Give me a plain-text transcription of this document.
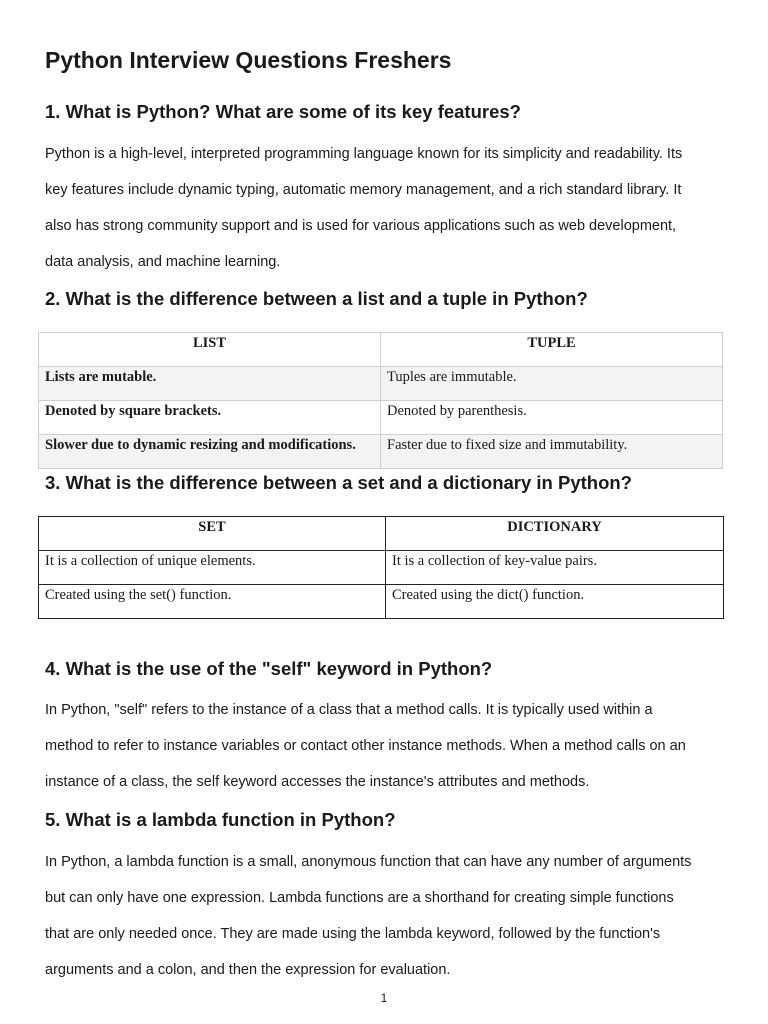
Python Interview Questions Freshers
1. What is Python? What are some of its key features?
Python is a high-level, interpreted programming language known for its simplicity and readability. Its
key features include dynamic typing, automatic memory management, and a rich standard library. It
also has strong community support and is used for various applications such as web development,
data analysis, and machine learning.
2. What is the difference between a list and a tuple in Python?
LIST	TUPLE
Lists are mutable.	Tuples are immutable.
Denoted by square brackets.	Denoted by parenthesis.
Slower due to dynamic resizing and modifications.	Faster due to fixed size and immutability.
3. What is the difference between a set and a dictionary in Python?
SET	DICTIONARY
It is a collection of unique elements.	It is a collection of key-value pairs.
Created using the set() function.	Created using the dict() function.
4. What is the use of the "self" keyword in Python?
In Python, "self" refers to the instance of a class that a method calls. It is typically used within a
method to refer to instance variables or contact other instance methods. When a method calls on an
instance of a class, the self keyword accesses the instance's attributes and methods.
5. What is a lambda function in Python?
In Python, a lambda function is a small, anonymous function that can have any number of arguments
but can only have one expression. Lambda functions are a shorthand for creating simple functions
that are only needed once. They are made using the lambda keyword, followed by the function's
arguments and a colon, and then the expression for evaluation.
1
